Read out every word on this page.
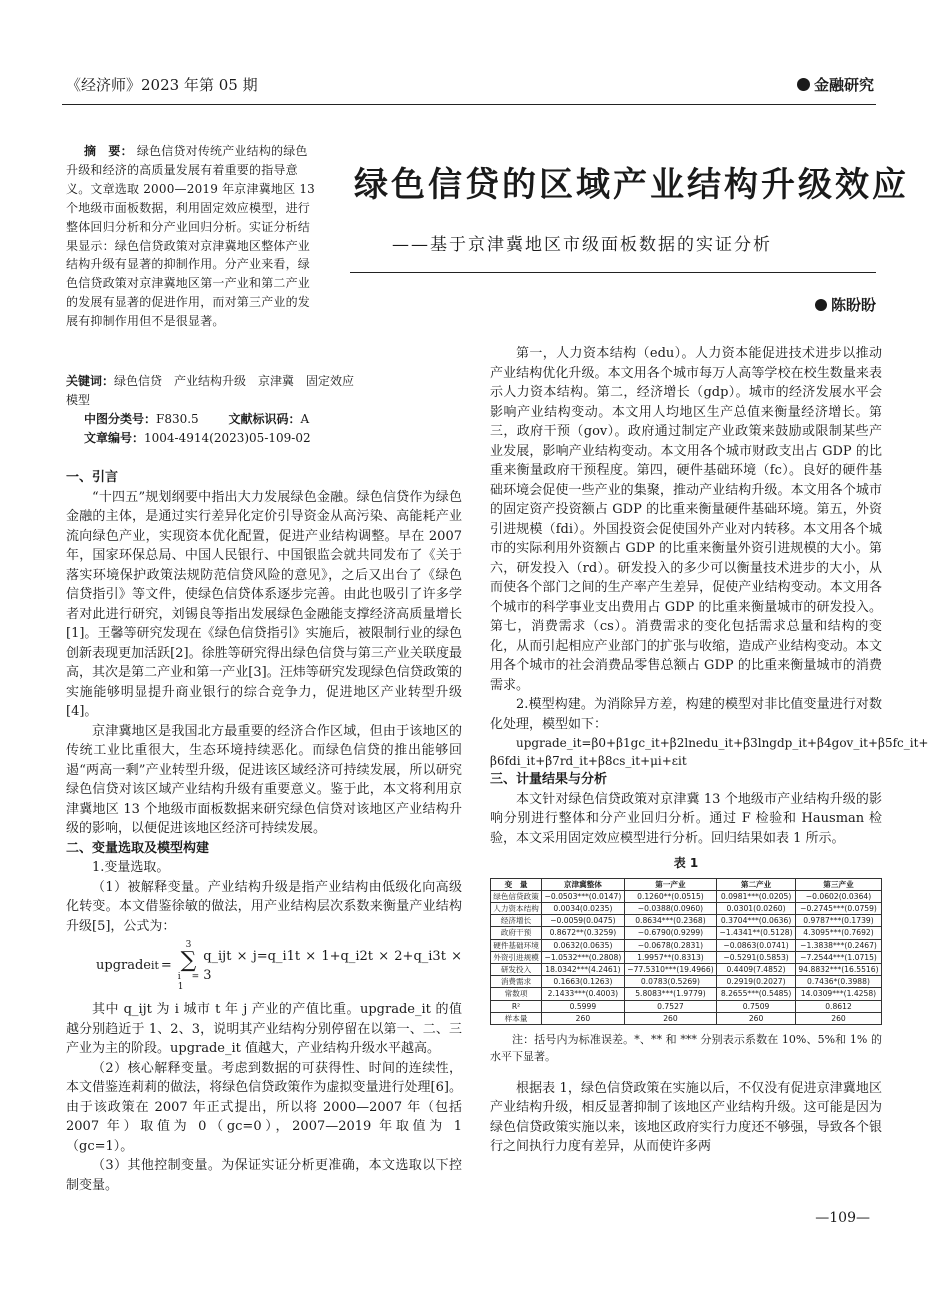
《经济师》2023 年第 05 期	金融研究
绿色信贷的区域产业结构升级效应
——基于京津冀地区市级面板数据的实证分析
陈盼盼
摘　要： 绿色信贷对传统产业结构的绿色升级和经济的高质量发展有着重要的指导意义。文章选取 2000—2019 年京津冀地区 13 个地级市面板数据，利用固定效应模型，进行整体回归分析和分产业回归分析。实证分析结果显示：绿色信贷政策对京津冀地区整体产业结构升级有显著的抑制作用。分产业来看，绿色信贷政策对京津冀地区第一产业和第二产业的发展有显著的促进作用，而对第三产业的发展有抑制作用但不是很显著。
关键词：绿色信贷　产业结构升级　京津冀　固定效应
模型
中图分类号：F830.5 文献标识码：A
文章编号：1004-4914(2023)05-109-02

一、引言

“十四五”规划纲要中指出大力发展绿色金融。绿色信贷作为绿色金融的主体，是通过实行差异化定价引导资金从高污染、高能耗产业流向绿色产业，实现资本优化配置，促进产业结构调整。早在 2007 年，国家环保总局、中国人民银行、中国银监会就共同发布了《关于落实环境保护政策法规防范信贷风险的意见》，之后又出台了《绿色信贷指引》等文件，使绿色信贷体系逐步完善。由此也吸引了许多学者对此进行研究，刘锡良等指出发展绿色金融能支撑经济高质量增长[1]。王馨等研究发现在《绿色信贷指引》实施后，被限制行业的绿色创新表现更加活跃[2]。徐胜等研究得出绿色信贷与第三产业关联度最高，其次是第二产业和第一产业[3]。汪炜等研究发现绿色信贷政策的实施能够明显提升商业银行的综合竞争力，促进地区产业转型升级[4]。

京津冀地区是我国北方最重要的经济合作区域，但由于该地区的传统工业比重很大，生态环境持续恶化。而绿色信贷的推出能够回遏“两高一剩”产业转型升级，促进该区域经济可持续发展，所以研究绿色信贷对该区域产业结构升级有重要意义。鉴于此，本文将利用京津冀地区 13 个地级市面板数据来研究绿色信贷对该地区产业结构升级的影响，以便促进该地区经济可持续发展。

二、变量选取及模型构建

1.变量选取。

（1）被解释变量。产业结构升级是指产业结构由低级化向高级化转变。本文借鉴徐敏的做法，用产业结构层次系数来衡量产业结构升级[5]，公式为：

upgrade it =
3
∑
i = 1
q_ijt × j=q_i1t × 1+q_i2t × 2+q_i3t × 3

其中 q_ijt 为 i 城市 t 年 j 产业的产值比重。upgrade_it 的值越分别趋近于 1、2、3，说明其产业结构分别停留在以第一、二、三产业为主的阶段。upgrade_it 值越大，产业结构升级水平越高。

（2）核心解释变量。考虑到数据的可获得性、时间的连续性，本文借鉴连莉莉的做法，将绿色信贷政策作为虚拟变量进行处理[6]。由于该政策在 2007 年正式提出，所以将 2000—2007 年（包括 2007 年）取值为 0（gc=0），2007—2019 年取值为 1（gc=1）。

（3）其他控制变量。为保证实证分析更准确，本文选取以下控制变量。

第一，人力资本结构（edu）。人力资本能促进技术进步以推动产业结构优化升级。本文用各个城市每万人高等学校在校生数量来表示人力资本结构。第二，经济增长（gdp）。城市的经济发展水平会影响产业结构变动。本文用人均地区生产总值来衡量经济增长。第三，政府干预（gov）。政府通过制定产业政策来鼓励或限制某些产业发展，影响产业结构变动。本文用各个城市财政支出占 GDP 的比重来衡量政府干预程度。第四，硬件基础环境（fc）。良好的硬件基础环境会促使一些产业的集聚，推动产业结构升级。本文用各个城市的固定资产投资额占 GDP 的比重来衡量硬件基础环境。第五，外资引进规模（fdi）。外国投资会促使国外产业对内转移。本文用各个城市的实际利用外资额占 GDP 的比重来衡量外资引进规模的大小。第六，研发投入（rd）。研发投入的多少可以衡量技术进步的大小，从而使各个部门之间的生产率产生差异，促使产业结构变动。本文用各个城市的科学事业支出费用占 GDP 的比重来衡量城市的研发投入。第七，消费需求（cs）。消费需求的变化包括需求总量和结构的变化，从而引起相应产业部门的扩张与收缩，造成产业结构变动。本文用各个城市的社会消费品零售总额占 GDP 的比重来衡量城市的消费需求。

2.模型构建。为消除异方差，构建的模型对非比值变量进行对数化处理，模型如下：

upgrade_it=β0+β1gc_it+β2lnedu_it+β3lngdp_it+β4gov_it+β5fc_it+
β6fdi_it+β7rd_it+β8cs_it+μi+εit

三、计量结果与分析

本文针对绿色信贷政策对京津冀 13 个地级市产业结构升级的影响分别进行整体和分产业回归分析。通过 F 检验和 Hausman 检验，本文采用固定效应模型进行分析。回归结果如表 1 所示。

表 1
变　量	京津冀整体	第一产业	第二产业	第三产业
绿色信贷政策	−0.0503***(0.0147)	0.1260**(0.0515)	0.0981***(0.0205)	−0.0602(0.0364)
人力资本结构	0.0034(0.0235)	−0.0388(0.0960)	0.0301(0.0260)	−0.2745***(0.0759)
经济增长	−0.0059(0.0475)	0.8634***(0.2368)	0.3704***(0.0636)	0.9787***(0.1739)
政府干预	0.8672**(0.3259)	−0.6790(0.9299)	−1.4341**(0.5128)	4.3095***(0.7692)
硬件基础环境	0.0632(0.0635)	−0.0678(0.2831)	−0.0863(0.0741)	−1.3838***(0.2467)
外资引进规模	−1.0532***(0.2808)	1.9957**(0.8313)	−0.5291(0.5853)	−7.2544***(1.0715)
研发投入	18.0342***(4.2461)	−77.5310***(19.4966)	0.4409(7.4852)	94.8832***(16.5516)
消费需求	0.1663(0.1263)	0.0783(0.5269)	0.2919(0.2027)	0.7436*(0.3988)
常数项	2.1433***(0.4003)	5.8083***(1.9779)	8.2655***(0.5485)	14.0309***(1.4258)
R²	0.5999	0.7527	0.7509	0.8612
样本量	260	260	260	260

注：括号内为标准误差。*、** 和 *** 分别表示系数在 10%、5%和 1% 的水平下显著。

根据表 1，绿色信贷政策在实施以后，不仅没有促进京津冀地区产业结构升级，相反显著抑制了该地区产业结构升级。这可能是因为绿色信贷政策实施以来，该地区政府实行力度还不够强，导致各个银行之间执行力度有差异，从而使许多两

—109—
